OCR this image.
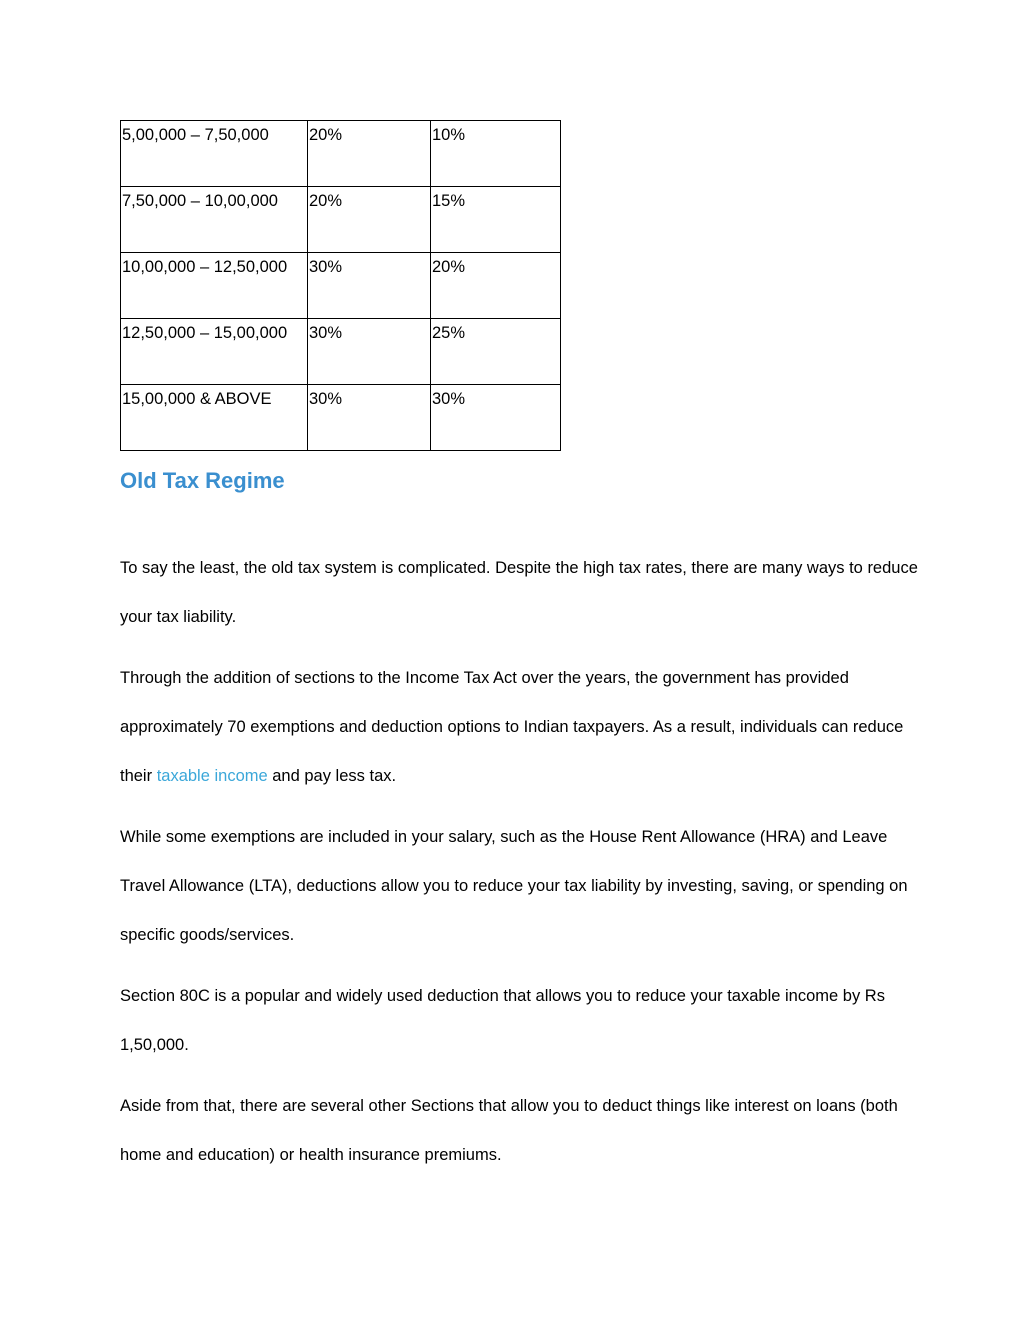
5,00,000 – 7,50,000	20%	10%
7,50,000 – 10,00,000	20%	15%
10,00,000 – 12,50,000	30%	20%
12,50,000 – 15,00,000	30%	25%
15,00,000 & ABOVE	30%	30%
Old Tax Regime

To say the least, the old tax system is complicated. Despite the high tax rates, there are many ways to reduce your tax liability.

Through the addition of sections to the Income Tax Act over the years, the government has provided approximately 70 exemptions and deduction options to Indian taxpayers. As a result, individuals can reduce their taxable income and pay less tax.

While some exemptions are included in your salary, such as the House Rent Allowance (HRA) and Leave Travel Allowance (LTA), deductions allow you to reduce your tax liability by investing, saving, or spending on specific goods/services.

Section 80C is a popular and widely used deduction that allows you to reduce your taxable income by Rs 1,50,000.

Aside from that, there are several other Sections that allow you to deduct things like interest on loans (both home and education) or health insurance premiums.
